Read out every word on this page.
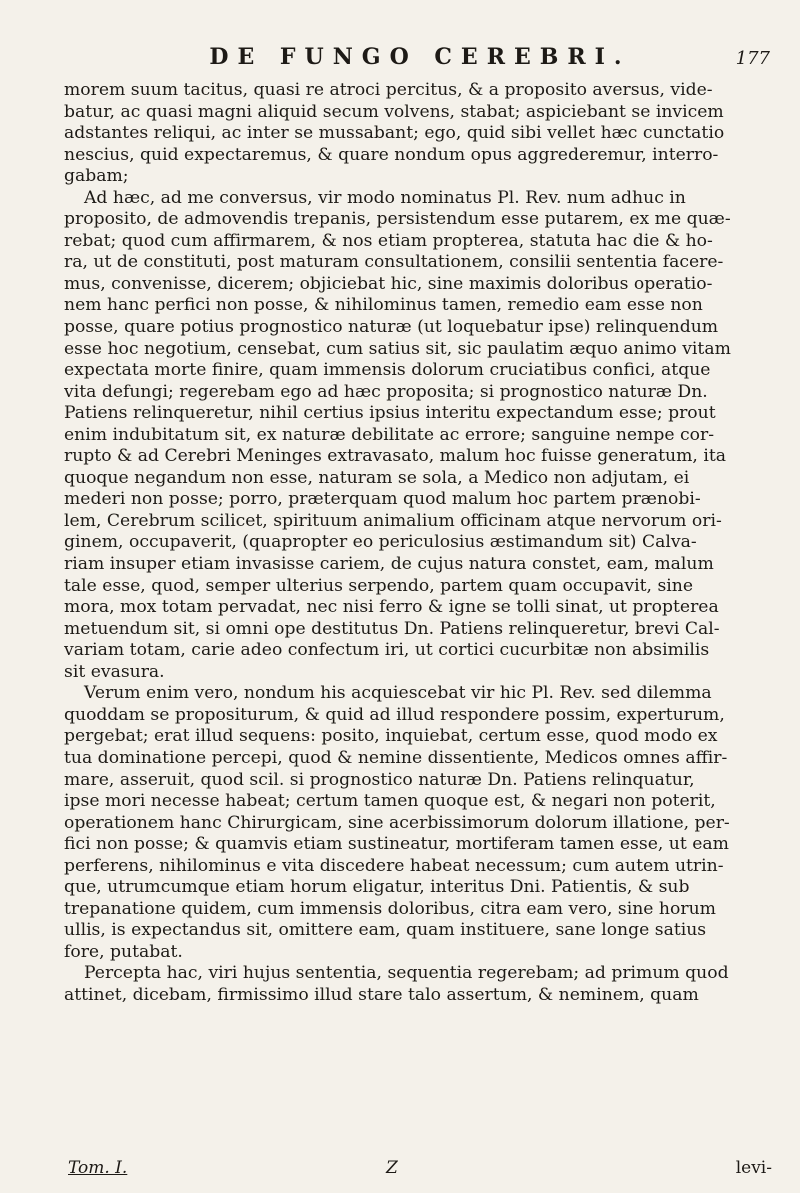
DE FUNGO CEREBRI.	177
morem suum tacitus, quasi re atroci percitus, & a proposito aversus, vide-
batur, ac quasi magni aliquid secum volvens, stabat; aspiciebant se invicem
adstantes reliqui, ac inter se mussabant; ego, quid sibi vellet hæc cunctatio
nescius, quid expectaremus, & quare nondum opus aggrederemur, interro-
gabam;
Ad hæc, ad me conversus, vir modo nominatus Pl. Rev. num adhuc in
proposito, de admovendis trepanis, persistendum esse putarem, ex me quæ-
rebat; quod cum affirmarem, & nos etiam propterea, statuta hac die & ho-
ra, ut de constituti, post maturam consultationem, consilii sententia facere-
mus, convenisse, dicerem; objiciebat hic, sine maximis doloribus operatio-
nem hanc perfici non posse, & nihilominus tamen, remedio eam esse non
posse, quare potius prognostico naturæ (ut loquebatur ipse) relinquendum
esse hoc negotium, censebat, cum satius sit, sic paulatim æquo animo vitam
expectata morte finire, quam immensis dolorum cruciatibus confici, atque
vita defungi; regerebam ego ad hæc proposita; si prognostico naturæ Dn.
Patiens relinqueretur, nihil certius ipsius interitu expectandum esse; prout
enim indubitatum sit, ex naturæ debilitate ac errore; sanguine nempe cor-
rupto & ad Cerebri Meninges extravasato, malum hoc fuisse generatum, ita
quoque negandum non esse, naturam se sola, a Medico non adjutam, ei
mederi non posse; porro, præterquam quod malum hoc partem prænobi-
lem, Cerebrum scilicet, spirituum animalium officinam atque nervorum ori-
ginem, occupaverit, (quapropter eo periculosius æstimandum sit) Calva-
riam insuper etiam invasisse cariem, de cujus natura constet, eam, malum
tale esse, quod, semper ulterius serpendo, partem quam occupavit, sine
mora, mox totam pervadat, nec nisi ferro & igne se tolli sinat, ut propterea
metuendum sit, si omni ope destitutus Dn. Patiens relinqueretur, brevi Cal-
variam totam, carie adeo confectum iri, ut cortici cucurbitæ non absimilis
sit evasura.
Verum enim vero, nondum his acquiescebat vir hic Pl. Rev. sed dilemma
quoddam se propositurum, & quid ad illud respondere possim, experturum,
pergebat; erat illud sequens: posito, inquiebat, certum esse, quod modo ex
tua dominatione percepi, quod & nemine dissentiente, Medicos omnes affir-
mare, asseruit, quod scil. si prognostico naturæ Dn. Patiens relinquatur,
ipse mori necesse habeat; certum tamen quoque est, & negari non poterit,
operationem hanc Chirurgicam, sine acerbissimorum dolorum illatione, per-
fici non posse; & quamvis etiam sustineatur, mortiferam tamen esse, ut eam
perferens, nihilominus e vita discedere habeat necessum; cum autem utrin-
que, utrumcumque etiam horum eligatur, interitus Dni. Patientis, & sub
trepanatione quidem, cum immensis doloribus, citra eam vero, sine horum
ullis, is expectandus sit, omittere eam, quam instituere, sane longe satius
fore, putabat.
Percepta hac, viri hujus sententia, sequentia regerebam; ad primum quod
attinet, dicebam, firmissimo illud stare talo assertum, & neminem, quam
Tom. I.	Z	levi-
